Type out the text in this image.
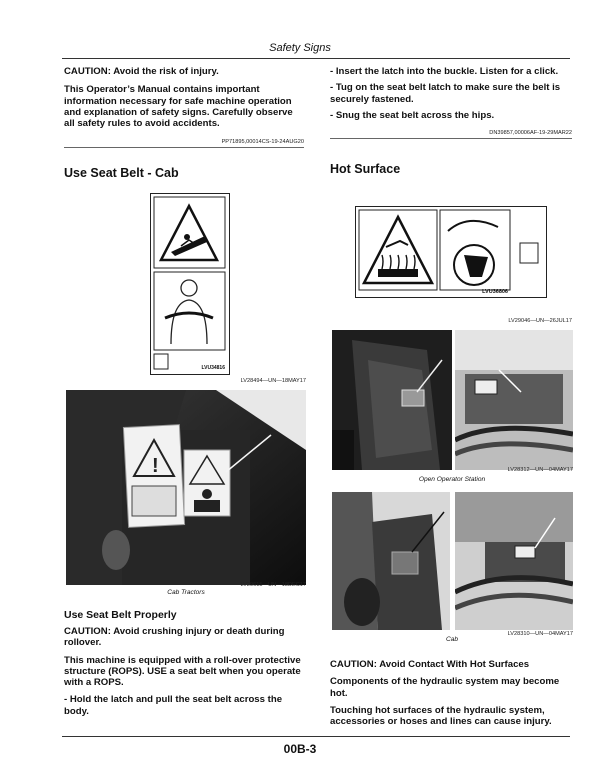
Safety Signs
CAUTION: Avoid the risk of injury.
This Operator’s Manual contains important information necessary for safe machine operation and explanation of safety signs. Carefully observe all safety rules to avoid accidents.
PP71895,00014CS-19-24AUG20
- Insert the latch into the buckle. Listen for a click.
- Tug on the seat belt latch to make sure the belt is securely fastened.
- Snug the seat belt across the hips.
DN39857,00006AF-19-29MAR22
Use Seat Belt - Cab
LVU34816
LV28494—UN—18MAY17
!
Cab Tractors
LV29615—UN—18DEC17
Use Seat Belt Properly
CAUTION: Avoid crushing injury or death during rollover.
This machine is equipped with a roll-over protective structure (ROPS). USE a seat belt when you operate with a ROPS.
- Hold the latch and pull the seat belt across the body.
Hot Surface
LVU36806
LV29046—UN—26JUL17
LV28312—UN—04MAY17
Open Operator Station
Cab
LV28310—UN—04MAY17
CAUTION: Avoid Contact With Hot Surfaces
Components of the hydraulic system may become hot.
Touching hot surfaces of the hydraulic system, accessories or hoses and lines can cause injury.
00B-3
